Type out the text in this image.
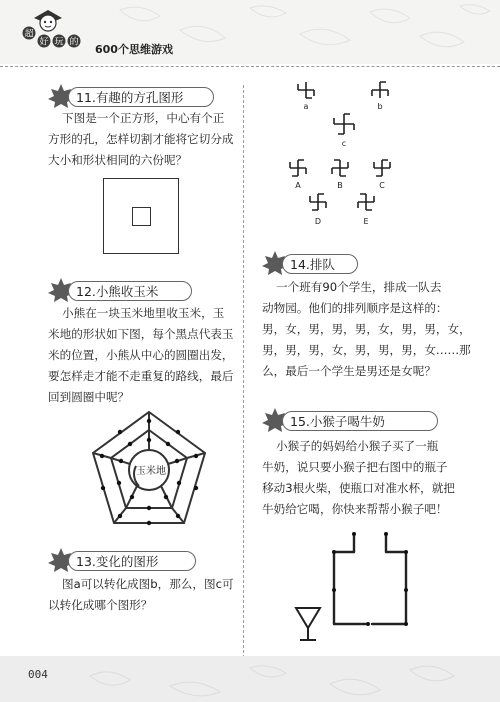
超
好 玩 的
600个思维游戏
11.有趣的方孔图形

下图是一个正方形，中心有个正

方形的孔，怎样切割才能将它切分成

大小和形状相同的六份呢？

12.小熊收玉米

小熊在一块玉米地里收玉米，玉

米地的形状如下图，每个黑点代表玉

米的位置，小熊从中心的圆圈出发，

要怎样走才能不走重复的路线，最后

回到圆圈中呢？

玉米地
13.变化的图形

图a可以转化成图b，那么，图c可

以转化成哪个图形？

a	b
c
A	B	C
D	E
14.排队

一个班有90个学生，排成一队去

动物园。他们的排列顺序是这样的：

男，女，男，男，男，女，男，男，女，

男，男，男，女，男，男，男，女……那

么，最后一个学生是男还是女呢？

15.小猴子喝牛奶

小猴子的妈妈给小猴子买了一瓶

牛奶，说只要小猴子把右图中的瓶子

移动3根火柴，使瓶口对准水杯，就把

牛奶给它喝，你快来帮帮小猴子吧！

004
